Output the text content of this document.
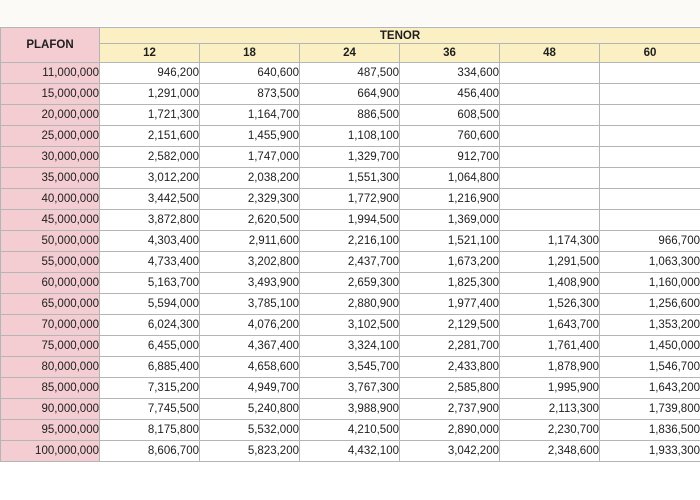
PLAFON	TENOR					
	12	18	24	36	48	60
11,000,000	946,200	640,600	487,500	334,600		
15,000,000	1,291,000	873,500	664,900	456,400		
20,000,000	1,721,300	1,164,700	886,500	608,500		
25,000,000	2,151,600	1,455,900	1,108,100	760,600		
30,000,000	2,582,000	1,747,000	1,329,700	912,700		
35,000,000	3,012,200	2,038,200	1,551,300	1,064,800		
40,000,000	3,442,500	2,329,300	1,772,900	1,216,900		
45,000,000	3,872,800	2,620,500	1,994,500	1,369,000		
50,000,000	4,303,400	2,911,600	2,216,100	1,521,100	1,174,300	966,700
55,000,000	4,733,400	3,202,800	2,437,700	1,673,200	1,291,500	1,063,300
60,000,000	5,163,700	3,493,900	2,659,300	1,825,300	1,408,900	1,160,000
65,000,000	5,594,000	3,785,100	2,880,900	1,977,400	1,526,300	1,256,600
70,000,000	6,024,300	4,076,200	3,102,500	2,129,500	1,643,700	1,353,200
75,000,000	6,455,000	4,367,400	3,324,100	2,281,700	1,761,400	1,450,000
80,000,000	6,885,400	4,658,600	3,545,700	2,433,800	1,878,900	1,546,700
85,000,000	7,315,200	4,949,700	3,767,300	2,585,800	1,995,900	1,643,200
90,000,000	7,745,500	5,240,800	3,988,900	2,737,900	2,113,300	1,739,800
95,000,000	8,175,800	5,532,000	4,210,500	2,890,000	2,230,700	1,836,500
100,000,000	8,606,700	5,823,200	4,432,100	3,042,200	2,348,600	1,933,300
